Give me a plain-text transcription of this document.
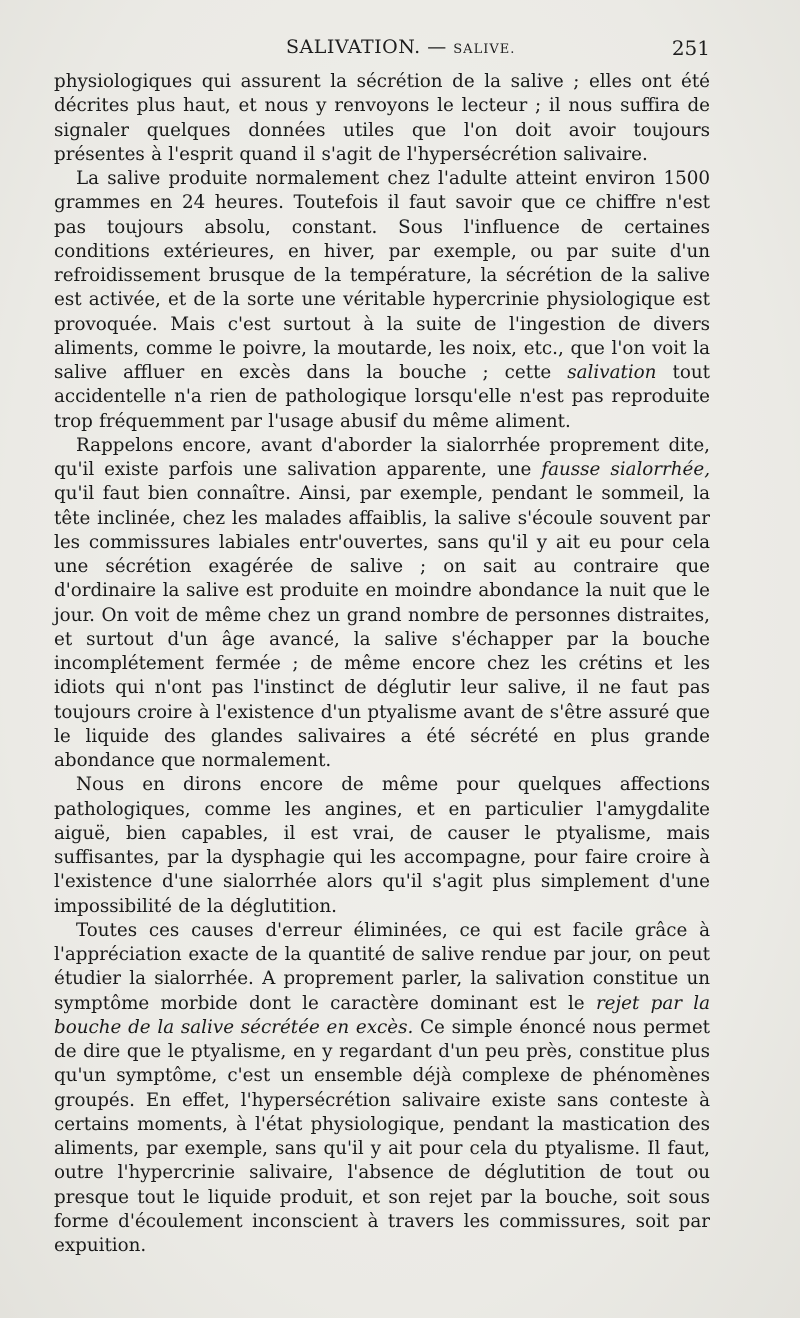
SALIVATION. — SALIVE.	251

physiologiques qui assurent la sécrétion de la salive ; elles ont été décrites plus haut, et nous y renvoyons le lecteur ; il nous suffira de signaler quelques données utiles que l'on doit avoir toujours présentes à l'esprit quand il s'agit de l'hypersécrétion salivaire.

La salive produite normalement chez l'adulte atteint environ 1500 grammes en 24 heures. Toutefois il faut savoir que ce chiffre n'est pas toujours absolu, constant. Sous l'influence de certaines conditions extérieures, en hiver, par exemple, ou par suite d'un refroidissement brusque de la température, la sécrétion de la salive est activée, et de la sorte une véritable hypercrinie physiologique est provoquée. Mais c'est surtout à la suite de l'ingestion de divers aliments, comme le poivre, la moutarde, les noix, etc., que l'on voit la salive affluer en excès dans la bouche ; cette salivation tout accidentelle n'a rien de pathologique lorsqu'elle n'est pas reproduite trop fréquemment par l'usage abusif du même aliment.

Rappelons encore, avant d'aborder la sialorrhée proprement dite, qu'il existe parfois une salivation apparente, une fausse sialorrhée, qu'il faut bien connaître. Ainsi, par exemple, pendant le sommeil, la tête inclinée, chez les malades affaiblis, la salive s'écoule souvent par les commissures labiales entr'ouvertes, sans qu'il y ait eu pour cela une sécrétion exagérée de salive ; on sait au contraire que d'ordinaire la salive est produite en moindre abondance la nuit que le jour. On voit de même chez un grand nombre de personnes distraites, et surtout d'un âge avancé, la salive s'échapper par la bouche incomplétement fermée ; de même encore chez les crétins et les idiots qui n'ont pas l'instinct de déglutir leur salive, il ne faut pas toujours croire à l'existence d'un ptyalisme avant de s'être assuré que le liquide des glandes salivaires a été sécrété en plus grande abondance que normalement.

Nous en dirons encore de même pour quelques affections pathologiques, comme les angines, et en particulier l'amygdalite aiguë, bien capables, il est vrai, de causer le ptyalisme, mais suffisantes, par la dysphagie qui les accompagne, pour faire croire à l'existence d'une sialorrhée alors qu'il s'agit plus simplement d'une impossibilité de la déglutition.

Toutes ces causes d'erreur éliminées, ce qui est facile grâce à l'appréciation exacte de la quantité de salive rendue par jour, on peut étudier la sialorrhée. A proprement parler, la salivation constitue un symptôme morbide dont le caractère dominant est le rejet par la bouche de la salive sécrétée en excès. Ce simple énoncé nous permet de dire que le ptyalisme, en y regardant d'un peu près, constitue plus qu'un symptôme, c'est un ensemble déjà complexe de phénomènes groupés. En effet, l'hypersécrétion salivaire existe sans conteste à certains moments, à l'état physiologique, pendant la mastication des aliments, par exemple, sans qu'il y ait pour cela du ptyalisme. Il faut, outre l'hypercrinie salivaire, l'absence de déglutition de tout ou presque tout le liquide produit, et son rejet par la bouche, soit sous forme d'écoulement inconscient à travers les commissures, soit par expuition.
